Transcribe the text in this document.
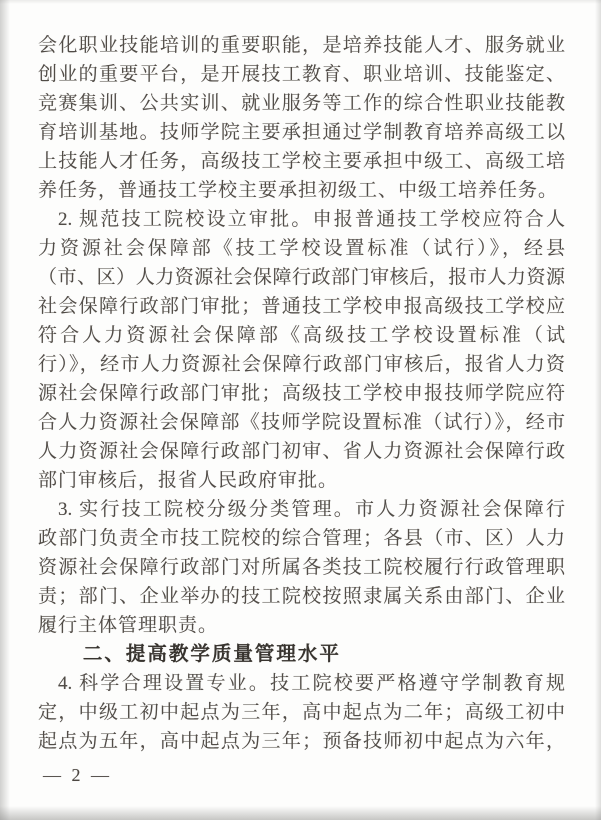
会化职业技能培训的重要职能，是培养技能人才、服务就业
创业的重要平台，是开展技工教育、职业培训、技能鉴定、
竞赛集训、公共实训、就业服务等工作的综合性职业技能教
育培训基地。技师学院主要承担通过学制教育培养高级工以
上技能人才任务，高级技工学校主要承担中级工、高级工培
养任务，普通技工学校主要承担初级工、中级工培养任务。
2. 规范技工院校设立审批。申报普通技工学校应符合人
力资源社会保障部《技工学校设置标准（试行）》，经县
（市、区）人力资源社会保障行政部门审核后，报市人力资源
社会保障行政部门审批；普通技工学校申报高级技工学校应
符合人力资源社会保障部《高级技工学校设置标准（试
行）》，经市人力资源社会保障行政部门审核后，报省人力资
源社会保障行政部门审批；高级技工学校申报技师学院应符
合人力资源社会保障部《技师学院设置标准（试行）》，经市
人力资源社会保障行政部门初审、省人力资源社会保障行政
部门审核后，报省人民政府审批。
3. 实行技工院校分级分类管理。市人力资源社会保障行
政部门负责全市技工院校的综合管理；各县（市、区）人力
资源社会保障行政部门对所属各类技工院校履行行政管理职
责；部门、企业举办的技工院校按照隶属关系由部门、企业
履行主体管理职责。
二、提高教学质量管理水平
4. 科学合理设置专业。技工院校要严格遵守学制教育规
定，中级工初中起点为三年，高中起点为二年；高级工初中
起点为五年，高中起点为三年；预备技师初中起点为六年，
— 2 —
